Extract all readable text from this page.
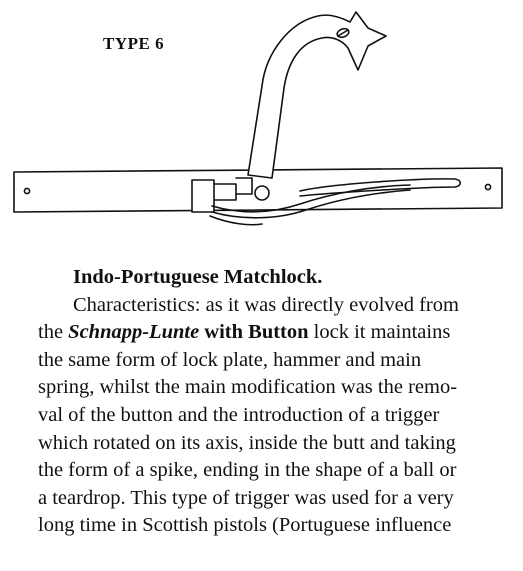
TYPE 6
Indo-Portuguese Matchlock.
Characteristics: as it was directly evolved from
the Schnapp-Lunte with Button lock it maintains
the same form of lock plate, hammer and main
spring, whilst the main modification was the remo-
val of the button and the introduction of a trigger
which rotated on its axis, inside the butt and taking
the form of a spike, ending in the shape of a ball or
a teardrop. This type of trigger was used for a very
long time in Scottish pistols (Portuguese influence
